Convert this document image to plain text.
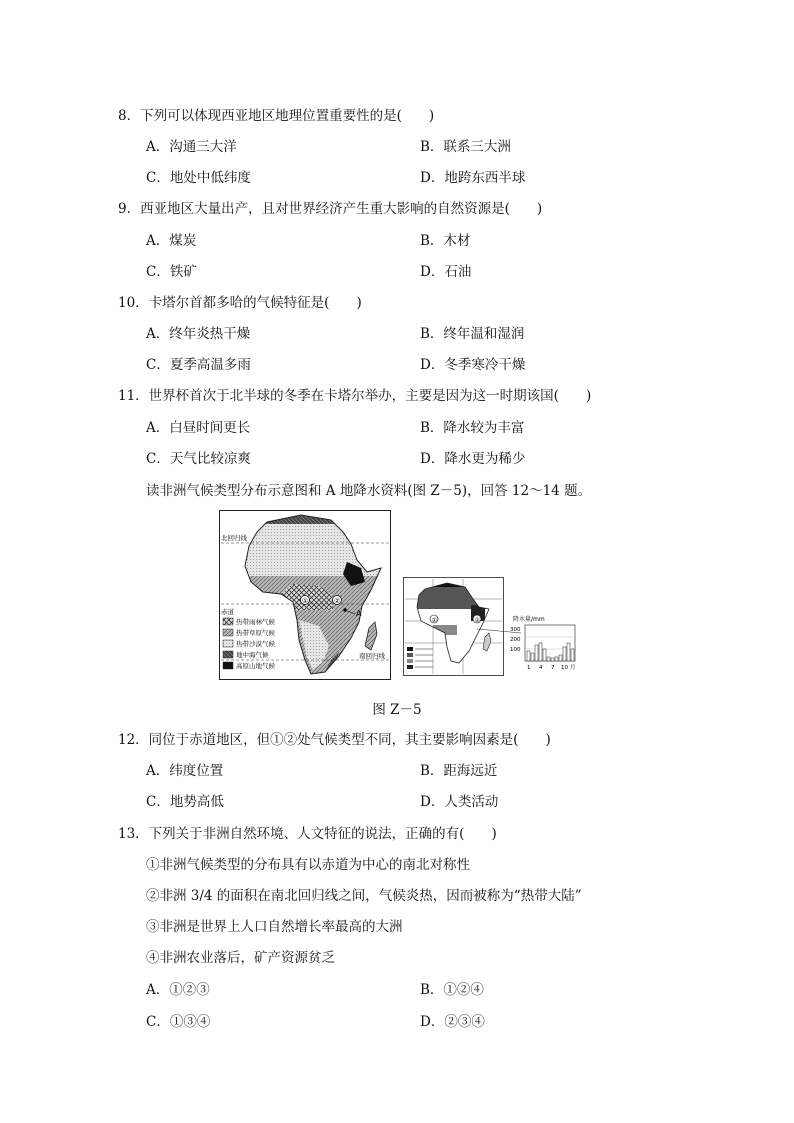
8．下列可以体现西亚地区地理位置重要性的是(　　)
A．沟通三大洋	B．联系三大洲
C．地处中低纬度	D．地跨东西半球
9．西亚地区大量出产，且对世界经济产生重大影响的自然资源是(　　)
A．煤炭	B．木材
C．铁矿	D．石油
10．卡塔尔首都多哈的气候特征是(　　)
A．终年炎热干燥	B．终年温和湿润
C．夏季高温多雨	D．冬季寒冷干燥
11．世界杯首次于北半球的冬季在卡塔尔举办，主要是因为这一时期该国(　　)
A．白昼时间更长	B．降水较为丰富
C．天气比较凉爽	D．降水更为稀少
读非洲气候类型分布示意图和 A 地降水资料(图 Z－5)，回答 12～14 题。
北回归线
赤道
南回归线
①	②
A
热带雨林气候
热带草原气候
热带沙漠气候
地中海气候
高原山地气候
①	②	降水量/mm
300
200
100
1 4 7 10 月
图 Z－5
12．同位于赤道地区，但①②处气候类型不同，其主要影响因素是(　　)
A．纬度位置	B．距海远近
C．地势高低	D．人类活动
13．下列关于非洲自然环境、人文特征的说法，正确的有(　　)
①非洲气候类型的分布具有以赤道为中心的南北对称性
②非洲 3/4 的面积在南北回归线之间，气候炎热，因而被称为“热带大陆”
③非洲是世界上人口自然增长率最高的大洲
④非洲农业落后，矿产资源贫乏
A．①②③	B．①②④
C．①③④	D．②③④
